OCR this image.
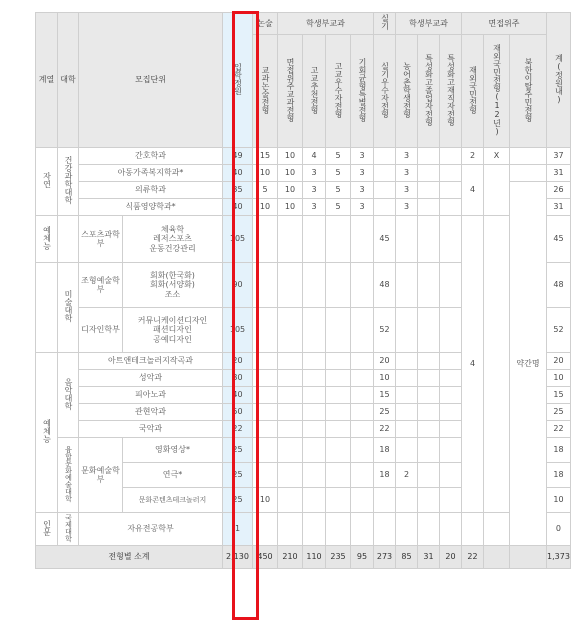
계열	대학	모집단위		입학정원	논술	학생부교과				실기	학생부교과			면접위주			계(정원내)
					교과논술전형	면접위주교과전형	고교추천전형	고교우수자전형	기회균형특별전형	실기우수자전형	농어촌학생전형	특성화고졸업자전형	특성화고재직자전형	재외국민전형	재외국민전형(12년)	북한이탈주민전형	
자연	건강과학대학	간호학과		49	15	10	4	5	3		3			2	X		37
		아동가족복지학과*		40	10	10	3	5	3		3			4			31
		의류학과		35	5	10	3	5	3		3					약간명	26
		식품영양학과*		40	10	10	3	5	3		3						31
예체능		스포츠과학부	체육학
레저스포츠
운동건강관리	105						45				4			45
	미술대학	조형예술학부	회화(한국화)
회화(서양화)
조소	90						48							48
		디자인학부	커뮤니케이션디자인
패션디자인
공예디자인	105						52							52
예체능	음악대학	아트앤테크놀러지작곡과		20						20							20
		성악과		30						10							10
		피아노과		40						15							15
		관현악과		50						25							25
		국악과		22						22							22
	융합문화예술대학	문화예술학부	영화영상*	25						18							18
			연극*	25						18	2						18
			문화콘텐츠테크놀러지	25	10												10
인문	국제대학	자유전공학부		1													0
전형별 소계				2,130	450	210	110	235	95	273	85	31	20	22			1,373
